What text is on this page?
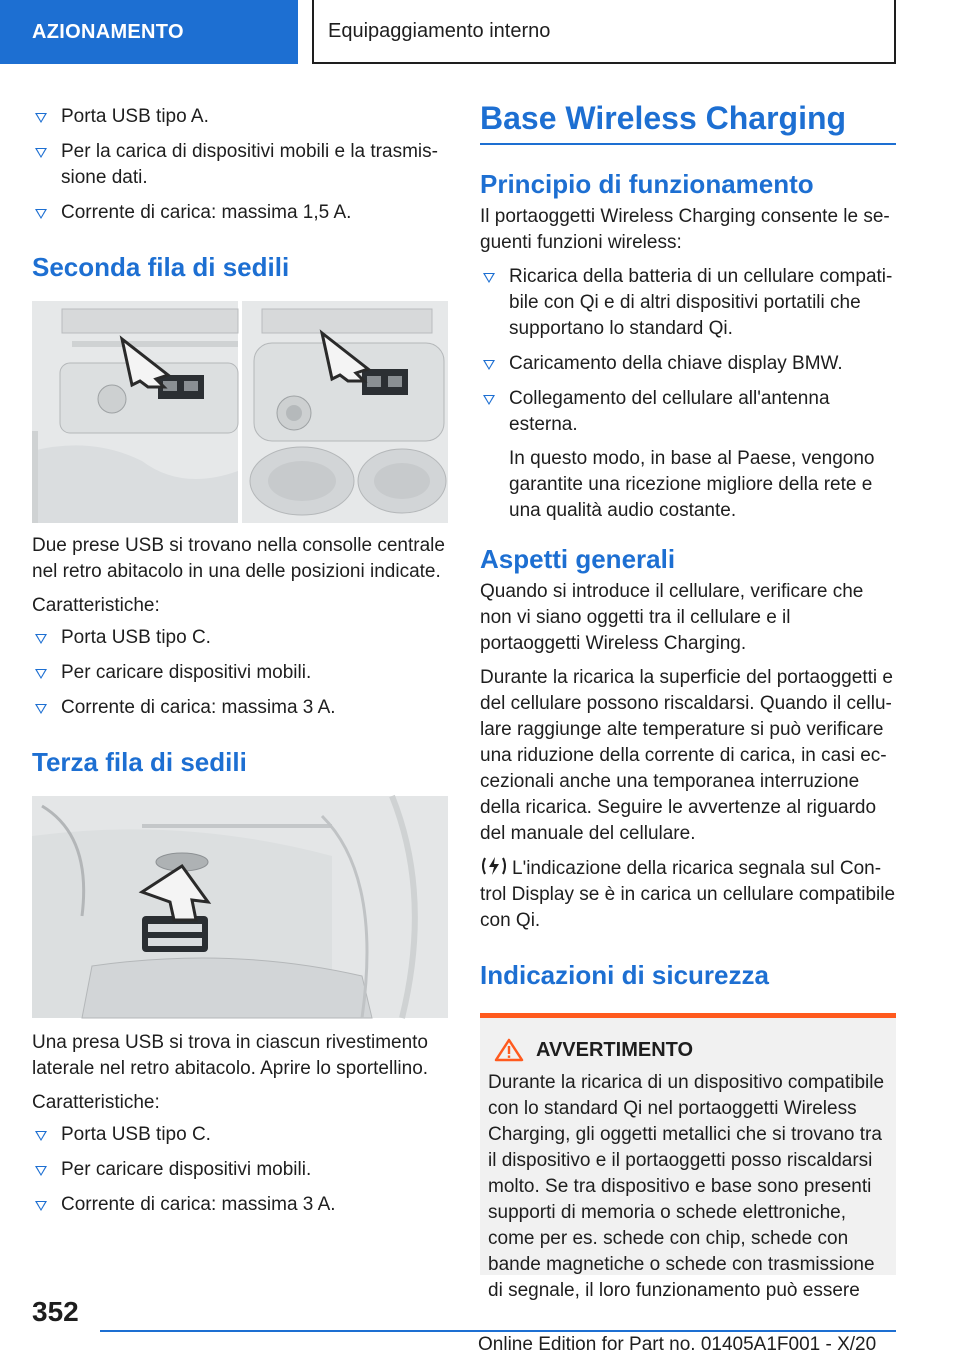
AZIONAMENTO	Equipaggiamento interno
Porta USB tipo A.
Per la carica di dispositivi mobili e la trasmis-sione dati.
Corrente di carica: massima 1,5 A.
Seconda fila di sedili

Due prese USB si trovano nella consolle centrale nel retro abitacolo in una delle posizioni indicate.

Caratteristiche:

Porta USB tipo C.
Per caricare dispositivi mobili.
Corrente di carica: massima 3 A.
Terza fila di sedili

Una presa USB si trova in ciascun rivestimento laterale nel retro abitacolo. Aprire lo sportellino.

Caratteristiche:

Porta USB tipo C.
Per caricare dispositivi mobili.
Corrente di carica: massima 3 A.
Base Wireless Charging
Principio di funzionamento

Il portaoggetti Wireless Charging consente le se-guenti funzioni wireless:

Ricarica della batteria di un cellulare compati-bile con Qi e di altri dispositivi portatili che supportano lo standard Qi.
Caricamento della chiave display BMW.
Collegamento del cellulare all'antenna esterna.
In questo modo, in base al Paese, vengono garantite una ricezione migliore della rete e una qualità audio costante.
Aspetti generali

Quando si introduce il cellulare, verificare che non vi siano oggetti tra il cellulare e il portaoggetti Wireless Charging.

Durante la ricarica la superficie del portaoggetti e del cellulare possono riscaldarsi. Quando il cellu-lare raggiunge alte temperature si può verificare una riduzione della corrente di carica, in casi ec-cezionali anche una temporanea interruzione della ricarica. Seguire le avvertenze al riguardo del manuale del cellulare.

L'indicazione della ricarica segnala sul Con-trol Display se è in carica un cellulare compatibile con Qi.

Indicazioni di sicurezza
AVVERTIMENTO

Durante la ricarica di un dispositivo compatibile con lo standard Qi nel portaoggetti Wireless Charging, gli oggetti metallici che si trovano tra il dispositivo e il portaoggetti posso riscaldarsi molto. Se tra dispositivo e base sono presenti supporti di memoria o schede elettroniche, come per es. schede con chip, schede con bande magnetiche o schede con trasmissione di segnale, il loro funzionamento può essere

352
Online Edition for Part no. 01405A1F001 - X/20
